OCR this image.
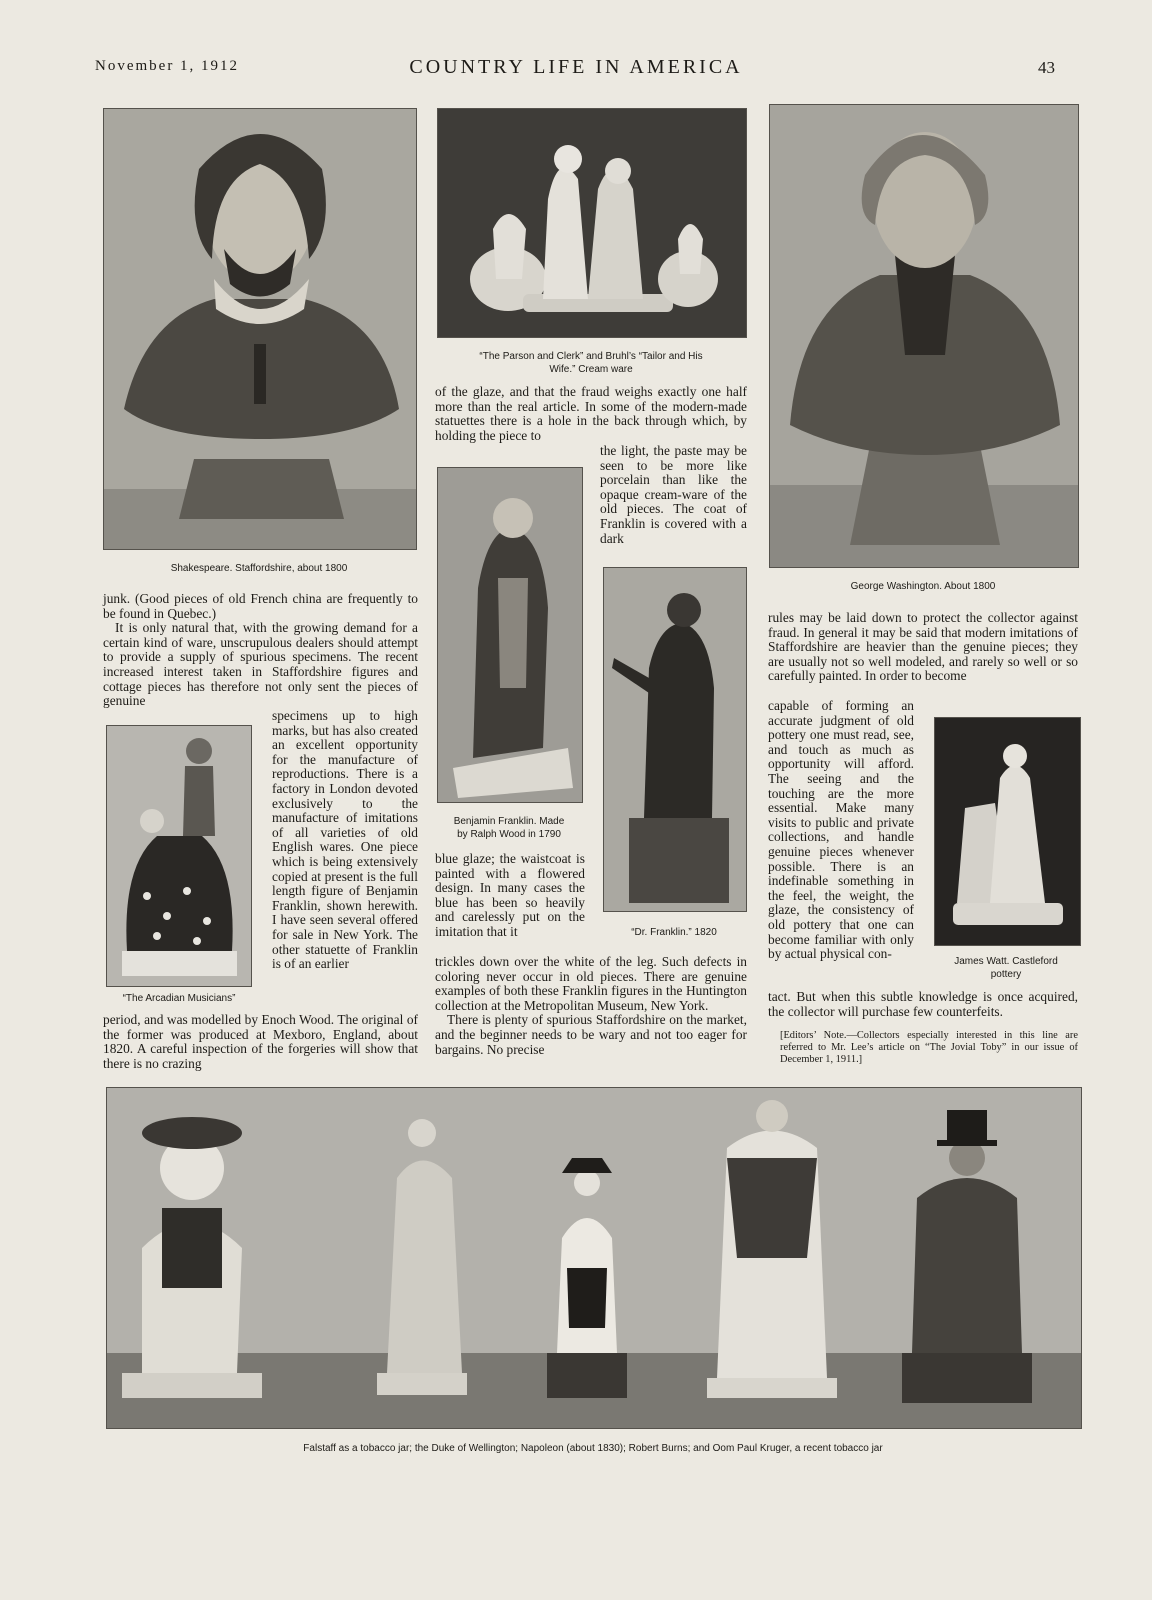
November 1, 1912	COUNTRY LIFE IN AMERICA	43
Shakespeare. Staffordshire, about 1800
“The Parson and Clerk” and Bruhl’s “Tailor and His
Wife.” Cream ware
George Washington. About 1800
Benjamin Franklin. Made
by Ralph Wood in 1790
“Dr. Franklin.” 1820
“The Arcadian Musicians”
James Watt. Castleford
pottery

junk. (Good pieces of old French china are frequently to be found in Quebec.)

It is only natural that, with the growing demand for a certain kind of ware, unscrupulous dealers should attempt to provide a supply of spurious specimens. The recent increased interest taken in Staffordshire figures and cottage pieces has therefore not only sent the pieces of genuine

specimens up to high marks, but has also created an excellent opportunity for the manufacture of reproductions. There is a factory in London devoted exclusively to the manufacture of imitations of all varieties of old English wares. One piece which is being extensively copied at present is the full length figure of Benjamin Franklin, shown herewith. I have seen several offered for sale in New York. The other statuette of Franklin is of an earlier

period, and was modelled by Enoch Wood. The original of the former was produced at Mexboro, England, about 1820. A careful inspection of the forgeries will show that there is no crazing

of the glaze, and that the fraud weighs exactly one half more than the real article. In some of the modern-made statuettes there is a hole in the back through which, by holding the piece to

the light, the paste may be seen to be more like porcelain than like the opaque cream-ware of the old pieces. The coat of Franklin is covered with a dark

blue glaze; the waistcoat is painted with a flowered design. In many cases the blue has been so heavily and carelessly put on the imitation that it

trickles down over the white of the leg. Such defects in coloring never occur in old pieces. There are genuine examples of both these Franklin figures in the Huntington collection at the Metropolitan Museum, New York.

There is plenty of spurious Staffordshire on the market, and the beginner needs to be wary and not too eager for bargains. No precise

rules may be laid down to protect the collector against fraud. In general it may be said that modern imitations of Staffordshire are heavier than the genuine pieces; they are usually not so well modeled, and rarely so well or so carefully painted. In order to become

capable of forming an accurate judgment of old pottery one must read, see, and touch as much as opportunity will afford. The seeing and the touching are the more essential. Make many visits to public and private collections, and handle genuine pieces whenever possible. There is an indefinable something in the feel, the weight, the glaze, the consistency of old pottery that one can become familiar with only by actual physical con-

tact. But when this subtle knowledge is once acquired, the collector will purchase few counterfeits.

[Editors’ Note.—Collectors especially interested in this line are referred to Mr. Lee’s article on “The Jovial Toby” in our issue of December 1, 1911.]
Falstaff as a tobacco jar; the Duke of Wellington; Napoleon (about 1830); Robert Burns; and Oom Paul Kruger, a recent tobacco jar
